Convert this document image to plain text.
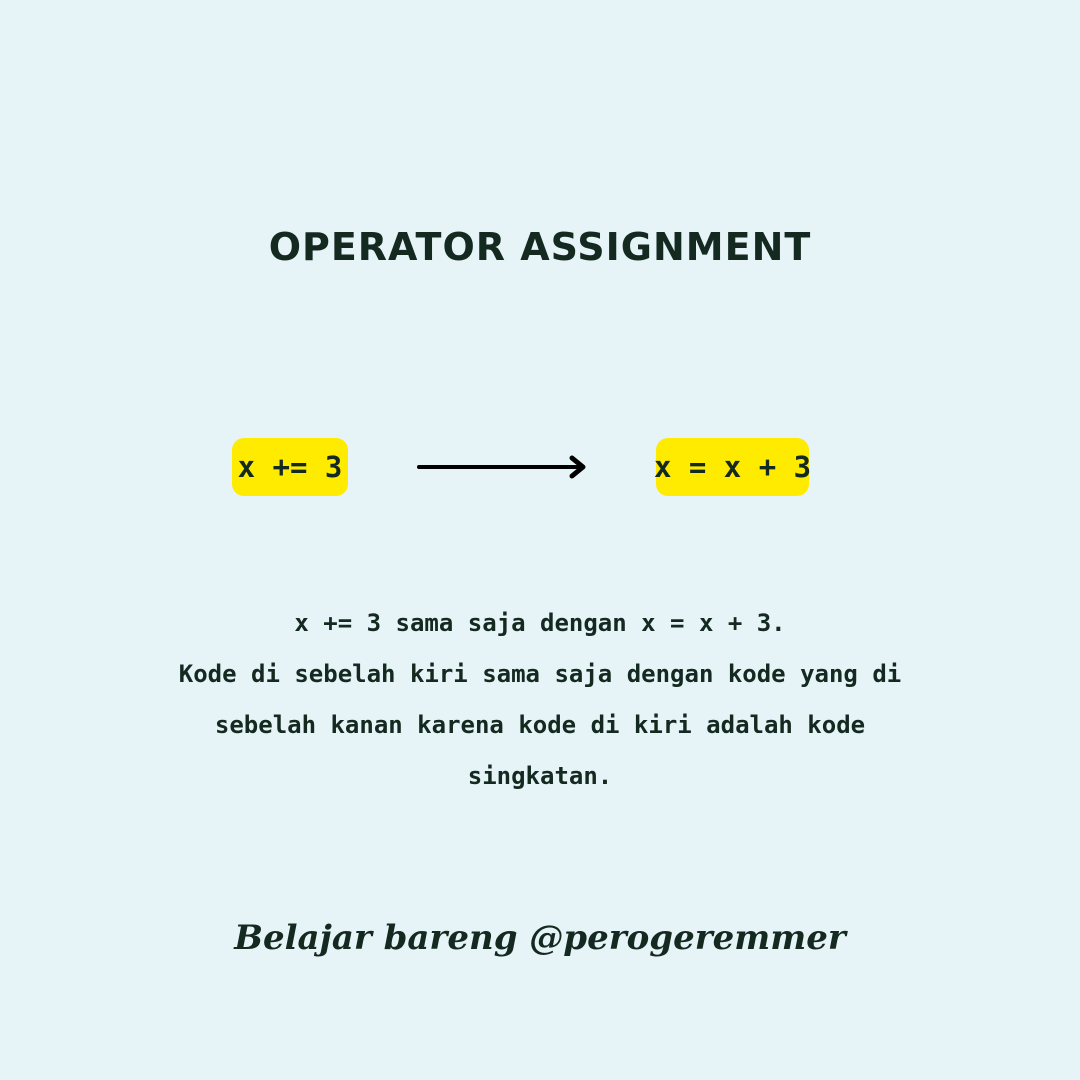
OPERATOR ASSIGNMENT
x += 3	x = x + 3
x += 3 sama saja dengan x = x + 3.
Kode di sebelah kiri sama saja dengan kode yang di
sebelah kanan karena kode di kiri adalah kode
singkatan.
Belajar bareng @perogeremmer
